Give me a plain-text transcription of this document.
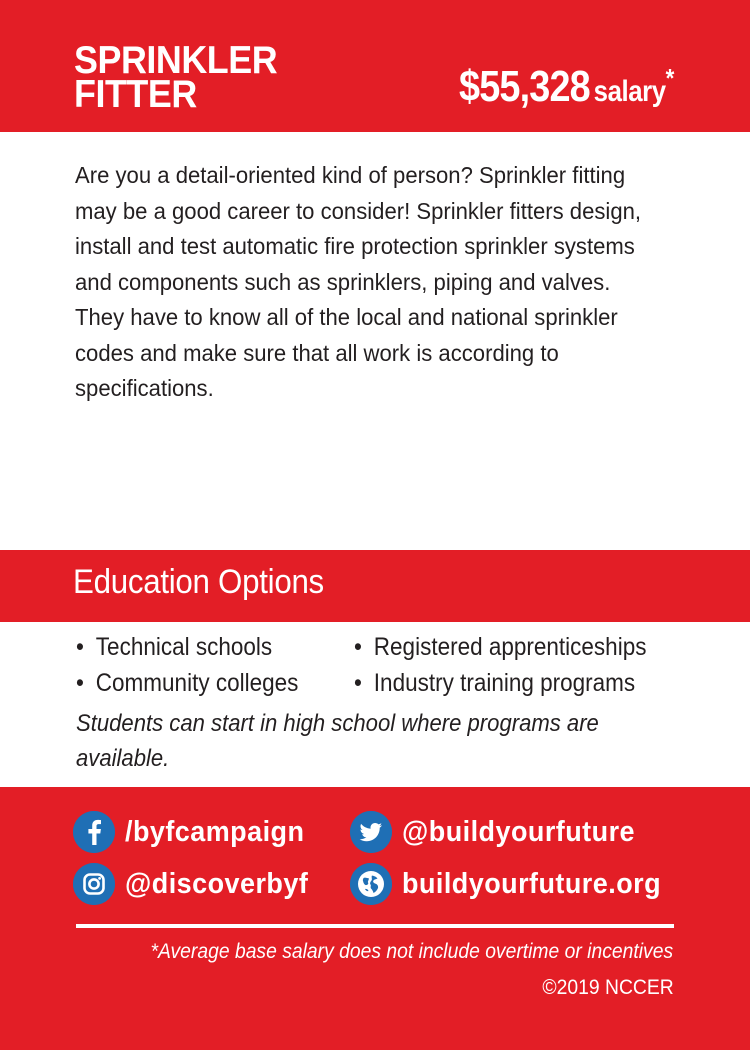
SPRINKLER
FITTER	$55,328 salary*
Are you a detail-oriented kind of person? Sprinkler fitting may be a good career to consider! Sprinkler fitters design, install and test automatic fire protection sprinkler systems and components such as sprinklers, piping and valves. They have to know all of the local and national sprinkler codes and make sure that all work is according to specifications.
Education Options
• Technical schools
• Community colleges
• Registered apprenticeships
• Industry training programs
Students can start in high school where programs are available.
/byfcampaign	@buildyourfuture
@discoverbyf	buildyourfuture.org
*Average base salary does not include overtime or incentives
©2019 NCCER
